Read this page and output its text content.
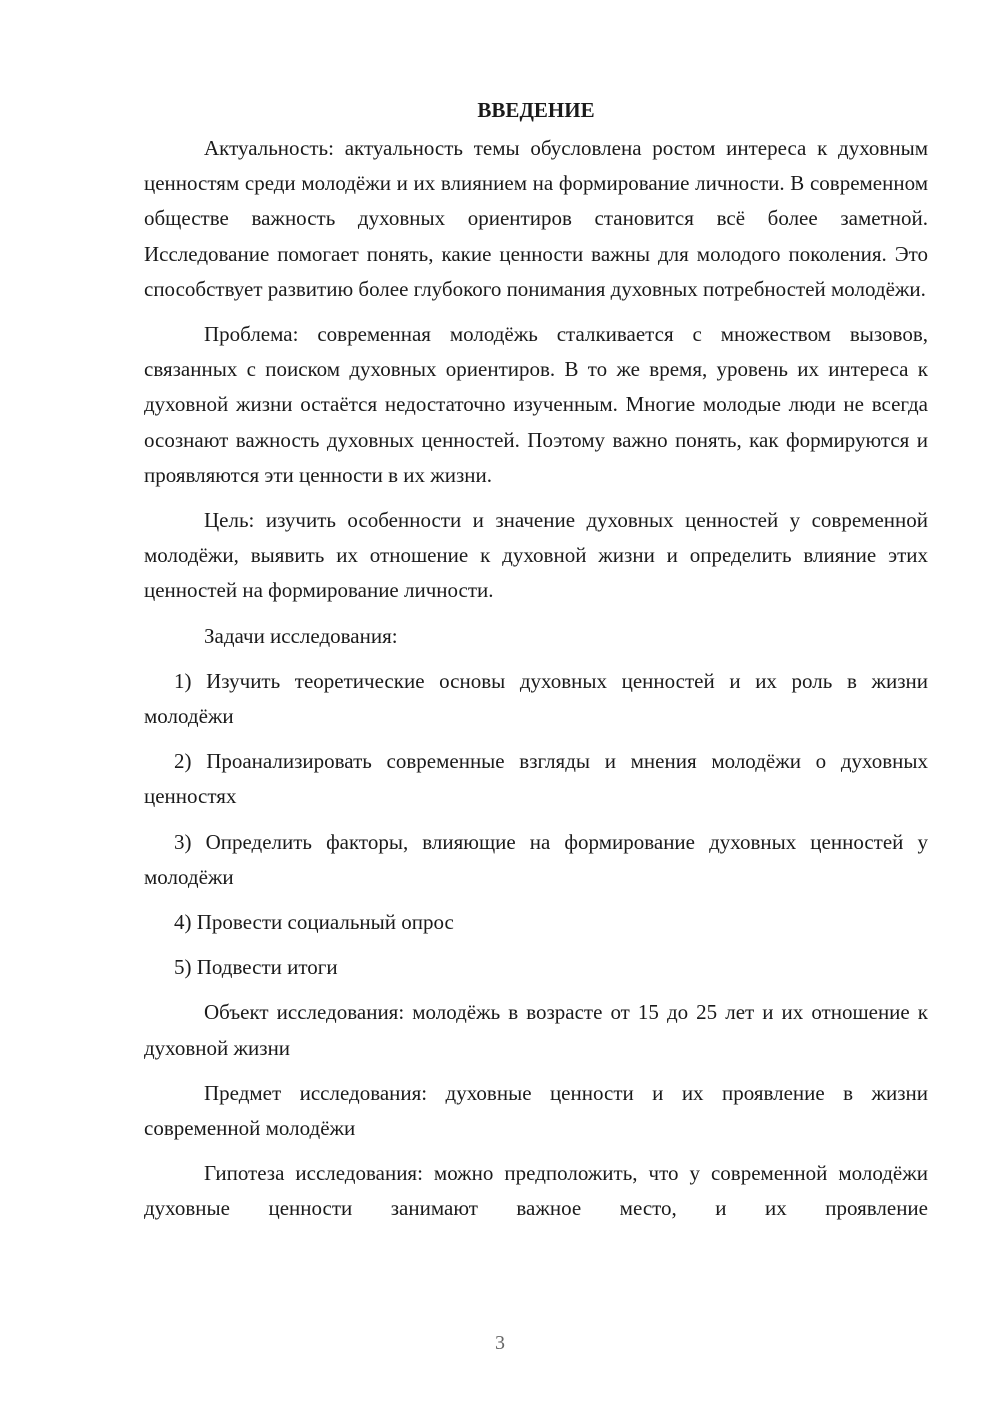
ВВЕДЕНИЕ

Актуальность: актуальность темы обусловлена ростом интереса к духовным ценностям среди молодёжи и их влиянием на формирование личности. В современном обществе важность духовных ориентиров становится всё более заметной. Исследование помогает понять, какие ценности важны для молодого поколения. Это способствует развитию более глубокого понимания духовных потребностей молодёжи.

Проблема: современная молодёжь сталкивается с множеством вызовов, связанных с поиском духовных ориентиров. В то же время, уровень их интереса к духовной жизни остаётся недостаточно изученным. Многие молодые люди не всегда осознают важность духовных ценностей. Поэтому важно понять, как формируются и проявляются эти ценности в их жизни.

Цель: изучить особенности и значение духовных ценностей у современной молодёжи, выявить их отношение к духовной жизни и определить влияние этих ценностей на формирование личности.

Задачи исследования:

1) Изучить теоретические основы духовных ценностей и их роль в жизни молодёжи

2) Проанализировать современные взгляды и мнения молодёжи о духовных ценностях

3) Определить факторы, влияющие на формирование духовных ценностей у молодёжи

4) Провести социальный опрос

5) Подвести итоги

Объект исследования: молодёжь в возрасте от 15 до 25 лет и их отношение к духовной жизни

Предмет исследования: духовные ценности и их проявление в жизни современной молодёжи

Гипотеза исследования: можно предположить, что у современной молодёжи духовные ценности занимают важное место, и их проявление

3
